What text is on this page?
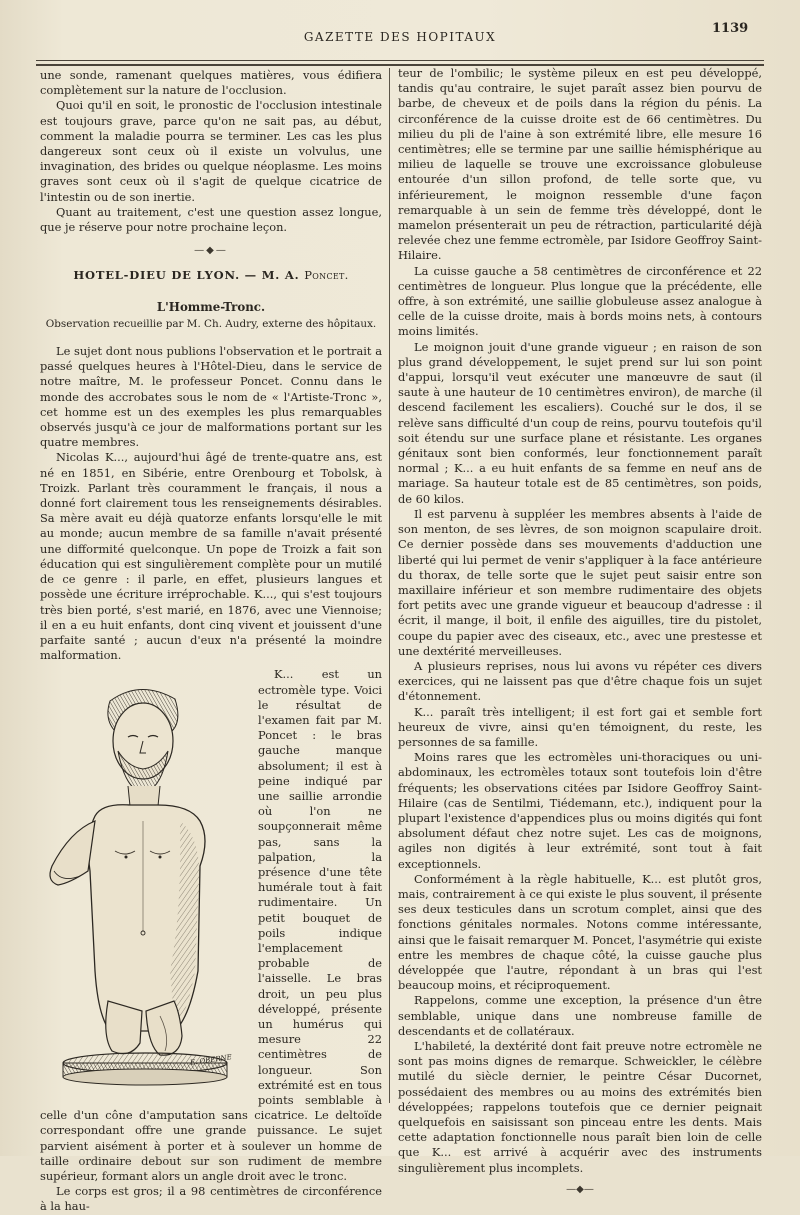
GAZETTE DES HOPITAUX
1139

une sonde, ramenant quelques matières, vous édifiera complètement sur la nature de l'occlusion.

Quoi qu'il en soit, le pronostic de l'occlusion intestinale est toujours grave, parce qu'on ne sait pas, au début, comment la maladie pourra se terminer. Les cas les plus dangereux sont ceux où il existe un volvulus, une invagination, des brides ou quelque néoplasme. Les moins graves sont ceux où il s'agit de quelque cicatrice de l'intestin ou de son inertie.

Quant au traitement, c'est une question assez longue, que je réserve pour notre prochaine leçon.

—◆—
HOTEL-DIEU DE LYON. — M. A. Poncet.
L'Homme-Tronc.
Observation recueillie par M. Ch. Audry, externe des hôpitaux.

Le sujet dont nous publions l'observation et le portrait a passé quelques heures à l'Hôtel-Dieu, dans le service de notre maître, M. le professeur Poncet. Connu dans le monde des accrobates sous le nom de « l'Artiste-Tronc », cet homme est un des exemples les plus remarquables observés jusqu'à ce jour de malformations portant sur les quatre membres.

Nicolas K..., aujourd'hui âgé de trente-quatre ans, est né en 1851, en Sibérie, entre Orenbourg et Tobolsk, à Troizk. Parlant très couramment le français, il nous a donné fort clairement tous les renseignements désirables. Sa mère avait eu déjà quatorze enfants lorsqu'elle le mit au monde; aucun membre de sa famille n'avait présenté une difformité quelconque. Un pope de Troizk a fait son éducation qui est singulièrement complète pour un mutilé de ce genre : il parle, en effet, plusieurs langues et possède une écriture irréprochable. K..., qui s'est toujours très bien porté, s'est marié, en 1876, avec une Viennoise; il en a eu huit enfants, dont cinq vivent et jouissent d'une parfaite santé ; aucun d'eux n'a présenté la moindre malformation.

E. OBERNE

K... est un ectromèle type. Voici le résultat de l'examen fait par M. Poncet : le bras gauche manque absolument; il est à peine indiqué par une saillie arrondie où l'on ne soupçonnerait même pas, sans la palpation, la présence d'une tête humérale tout à fait rudimentaire. Un petit bouquet de poils indique l'emplacement probable de l'aisselle. Le bras droit, un peu plus développé, présente un humérus qui mesure 22 centimètres de longueur. Son extrémité est en tous points semblable à celle d'un cône d'amputation sans cicatrice. Le deltoïde correspondant offre une grande puissance. Le sujet parvient aisément à porter et à soulever un homme de taille ordinaire debout sur son rudiment de membre supérieur, formant alors un angle droit avec le tronc.

Le corps est gros; il a 98 centimètres de circonférence à la hau-

teur de l'ombilic; le système pileux en est peu développé, tandis qu'au contraire, le sujet paraît assez bien pourvu de barbe, de cheveux et de poils dans la région du pénis. La circonférence de la cuisse droite est de 66 centimètres. Du milieu du pli de l'aine à son extrémité libre, elle mesure 16 centimètres; elle se termine par une saillie hémisphérique au milieu de laquelle se trouve une excroissance globuleuse entourée d'un sillon profond, de telle sorte que, vu inférieurement, le moignon ressemble d'une façon remarquable à un sein de femme très développé, dont le mamelon présenterait un peu de rétraction, particularité déjà relevée chez une femme ectromèle, par Isidore Geoffroy Saint-Hilaire.

La cuisse gauche a 58 centimètres de circonférence et 22 centimètres de longueur. Plus longue que la précédente, elle offre, à son extrémité, une saillie globuleuse assez analogue à celle de la cuisse droite, mais à bords moins nets, à contours moins limités.

Le moignon jouit d'une grande vigueur ; en raison de son plus grand développement, le sujet prend sur lui son point d'appui, lorsqu'il veut exécuter une manœuvre de saut (il saute à une hauteur de 10 centimètres environ), de marche (il descend facilement les escaliers). Couché sur le dos, il se relève sans difficulté d'un coup de reins, pourvu toutefois qu'il soit étendu sur une surface plane et résistante. Les organes génitaux sont bien conformés, leur fonctionnement paraît normal ; K... a eu huit enfants de sa femme en neuf ans de mariage. Sa hauteur totale est de 85 centimètres, son poids, de 60 kilos.

Il est parvenu à suppléer les membres absents à l'aide de son menton, de ses lèvres, de son moignon scapulaire droit. Ce dernier possède dans ses mouvements d'adduction une liberté qui lui permet de venir s'appliquer à la face antérieure du thorax, de telle sorte que le sujet peut saisir entre son maxillaire inférieur et son membre rudimentaire des objets fort petits avec une grande vigueur et beaucoup d'adresse : il écrit, il mange, il boit, il enfile des aiguilles, tire du pistolet, coupe du papier avec des ciseaux, etc., avec une prestesse et une dextérité merveilleuses.

A plusieurs reprises, nous lui avons vu répéter ces divers exercices, qui ne laissent pas que d'être chaque fois un sujet d'étonnement.

K... paraît très intelligent; il est fort gai et semble fort heureux de vivre, ainsi qu'en témoignent, du reste, les personnes de sa famille.

Moins rares que les ectromèles uni-thoraciques ou uni-abdominaux, les ectromèles totaux sont toutefois loin d'être fréquents; les observations citées par Isidore Geoffroy Saint-Hilaire (cas de Sentilmi, Tiédemann, etc.), indiquent pour la plupart l'existence d'appendices plus ou moins digités qui font absolument défaut chez notre sujet. Les cas de moignons, agiles non digités à leur extrémité, sont tout à fait exceptionnels.

Conformément à la règle habituelle, K... est plutôt gros, mais, contrairement à ce qui existe le plus souvent, il présente ses deux testicules dans un scrotum complet, ainsi que des fonctions génitales normales. Notons comme intéressante, ainsi que le faisait remarquer M. Poncet, l'asymétrie qui existe entre les membres de chaque côté, la cuisse gauche plus développée que l'autre, répondant à un bras qui l'est beaucoup moins, et réciproquement.

Rappelons, comme une exception, la présence d'un être semblable, unique dans une nombreuse famille de descendants et de collatéraux.

L'habileté, la dextérité dont fait preuve notre ectromèle ne sont pas moins dignes de remarque. Schweickler, le célèbre mutilé du siècle dernier, le peintre César Ducornet, possédaient des membres ou au moins des extrémités bien développées; rappelons toutefois que ce dernier peignait quelquefois en saisissant son pinceau entre les dents. Mais cette adaptation fonctionnelle nous paraît bien loin de celle que K... est arrivé à acquérir avec des instruments singulièrement plus incomplets.

—◆—
